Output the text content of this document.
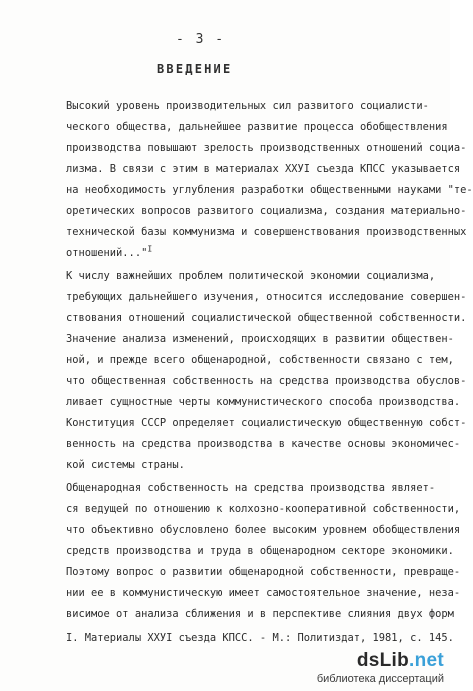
- 3 -
ВВЕДЕНИЕ
Высокий уровень производительных сил развитого социалисти-
ческого общества, дальнейшее развитие процесса обобществления
производства повышают зрелость производственных отношений социа-
лизма. В связи с этим в материалах ХХУI съезда КПСС указывается
на необходимость углубления разработки общественными науками "те-
оретических вопросов развитого социализма, создания материально-
технической базы коммунизма и совершенствования производственных
отношений..."$^I$
К числу важнейших проблем политической экономии социализма,
требующих дальнейшего изучения, относится исследование совершен-
ствования отношений социалистической общественной собственности.
Значение анализа изменений, происходящих в развитии обществен-
ной, и прежде всего общенародной, собственности связано с тем,
что общественная собственность на средства производства обуслов-
ливает сущностные черты коммунистического способа производства.
Конституция СССР определяет социалистическую общественную собст-
венность на средства производства в качестве основы экономичес-
кой системы страны.
Общенародная собственность на средства производства являет-
ся ведущей по отношению к колхозно-кооперативной собственности,
что объективно обусловлено более высоким уровнем обобществления
средств производства и труда в общенародном секторе экономики.
Поэтому вопрос о развитии общенародной собственности, превраще-
нии ее в коммунистическую имеет самостоятельное значение, неза-
висимое от анализа сближения и в перспективе слияния двух форм
I. Материалы ХХУI съезда КПСС. - М.: Политиздат, 1981, с. 145.
dsLib.net
библиотека диссертаций
